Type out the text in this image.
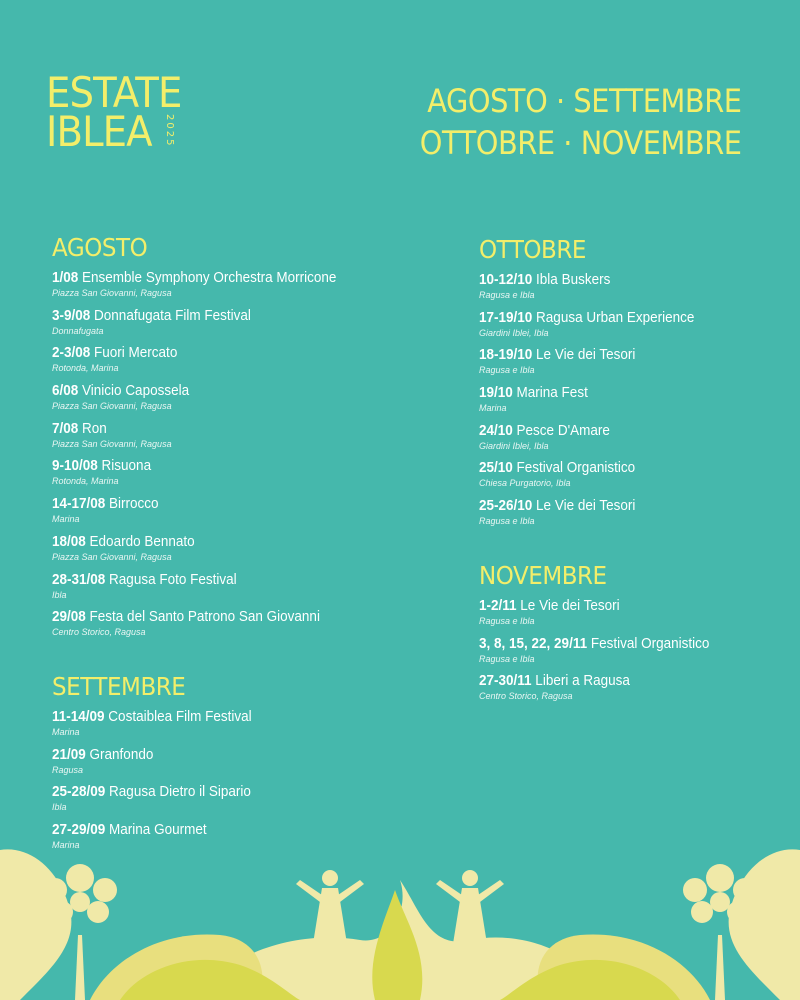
ESTATE
IBLEA	2025
AGOSTO · SETTEMBRE
OTTOBRE · NOVEMBRE
AGOSTO
1/08 Ensemble Symphony Orchestra Morricone
Piazza San Giovanni, Ragusa
3-9/08 Donnafugata Film Festival
Donnafugata
2-3/08 Fuori Mercato
Rotonda, Marina
6/08 Vinicio Capossela
Piazza San Giovanni, Ragusa
7/08 Ron
Piazza San Giovanni, Ragusa
9-10/08 Risuona
Rotonda, Marina
14-17/08 Birrocco
Marina
18/08 Edoardo Bennato
Piazza San Giovanni, Ragusa
28-31/08 Ragusa Foto Festival
Ibla
29/08 Festa del Santo Patrono San Giovanni
Centro Storico, Ragusa
SETTEMBRE
11-14/09 Costaiblea Film Festival
Marina
21/09 Granfondo
Ragusa
25-28/09 Ragusa Dietro il Sipario
Ibla
27-29/09 Marina Gourmet
Marina
OTTOBRE
10-12/10 Ibla Buskers
Ragusa e Ibla
17-19/10 Ragusa Urban Experience
Giardini Iblei, Ibla
18-19/10 Le Vie dei Tesori
Ragusa e Ibla
19/10 Marina Fest
Marina
24/10 Pesce D'Amare
Giardini Iblei, Ibla
25/10 Festival Organistico
Chiesa Purgatorio, Ibla
25-26/10 Le Vie dei Tesori
Ragusa e Ibla
NOVEMBRE
1-2/11 Le Vie dei Tesori
Ragusa e Ibla
3, 8, 15, 22, 29/11 Festival Organistico
Ragusa e Ibla
27-30/11 Liberi a Ragusa
Centro Storico, Ragusa
